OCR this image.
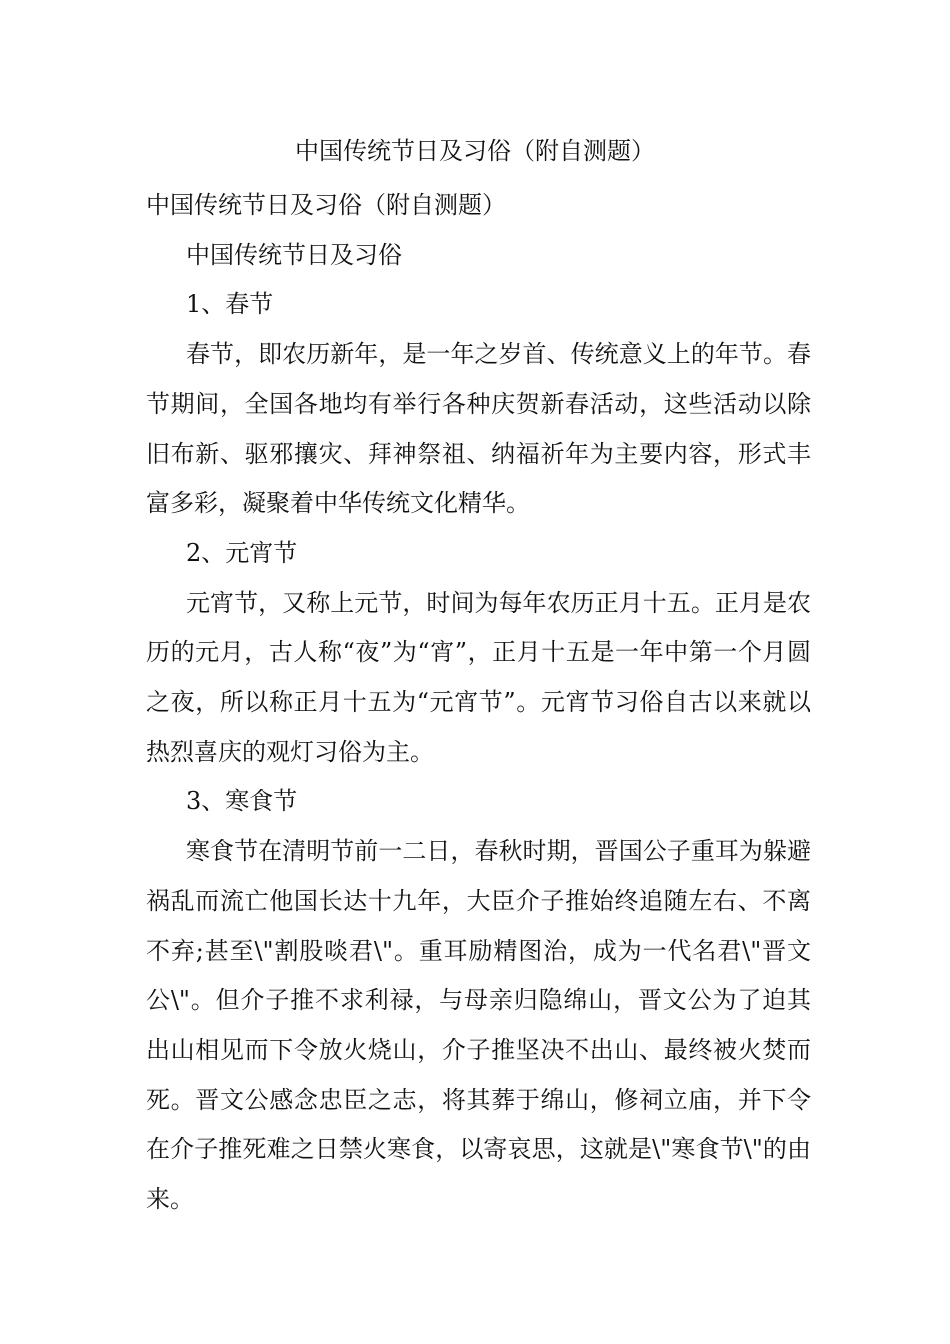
中国传统节日及习俗（附自测题）

中国传统节日及习俗（附自测题）

中国传统节日及习俗

1、春节

春节，即农历新年，是一年之岁首、传统意义上的年节。春节期间，全国各地均有举行各种庆贺新春活动，这些活动以除旧布新、驱邪攘灾、拜神祭祖、纳福祈年为主要内容，形式丰富多彩，凝聚着中华传统文化精华。

2、元宵节

元宵节，又称上元节，时间为每年农历正月十五。正月是农历的元月，古人称“夜”为“宵”，正月十五是一年中第一个月圆之夜，所以称正月十五为“元宵节”。元宵节习俗自古以来就以热烈喜庆的观灯习俗为主。

3、寒食节

寒食节在清明节前一二日，春秋时期，晋国公子重耳为躲避祸乱而流亡他国长达十九年，大臣介子推始终追随左右、不离不弃;甚至\"割股啖君\"。重耳励精图治，成为一代名君\"晋文公\"。但介子推不求利禄，与母亲归隐绵山，晋文公为了迫其出山相见而下令放火烧山，介子推坚决不出山、最终被火焚而死。晋文公感念忠臣之志，将其葬于绵山，修祠立庙，并下令在介子推死难之日禁火寒食，以寄哀思，这就是\"寒食节\"的由来。
